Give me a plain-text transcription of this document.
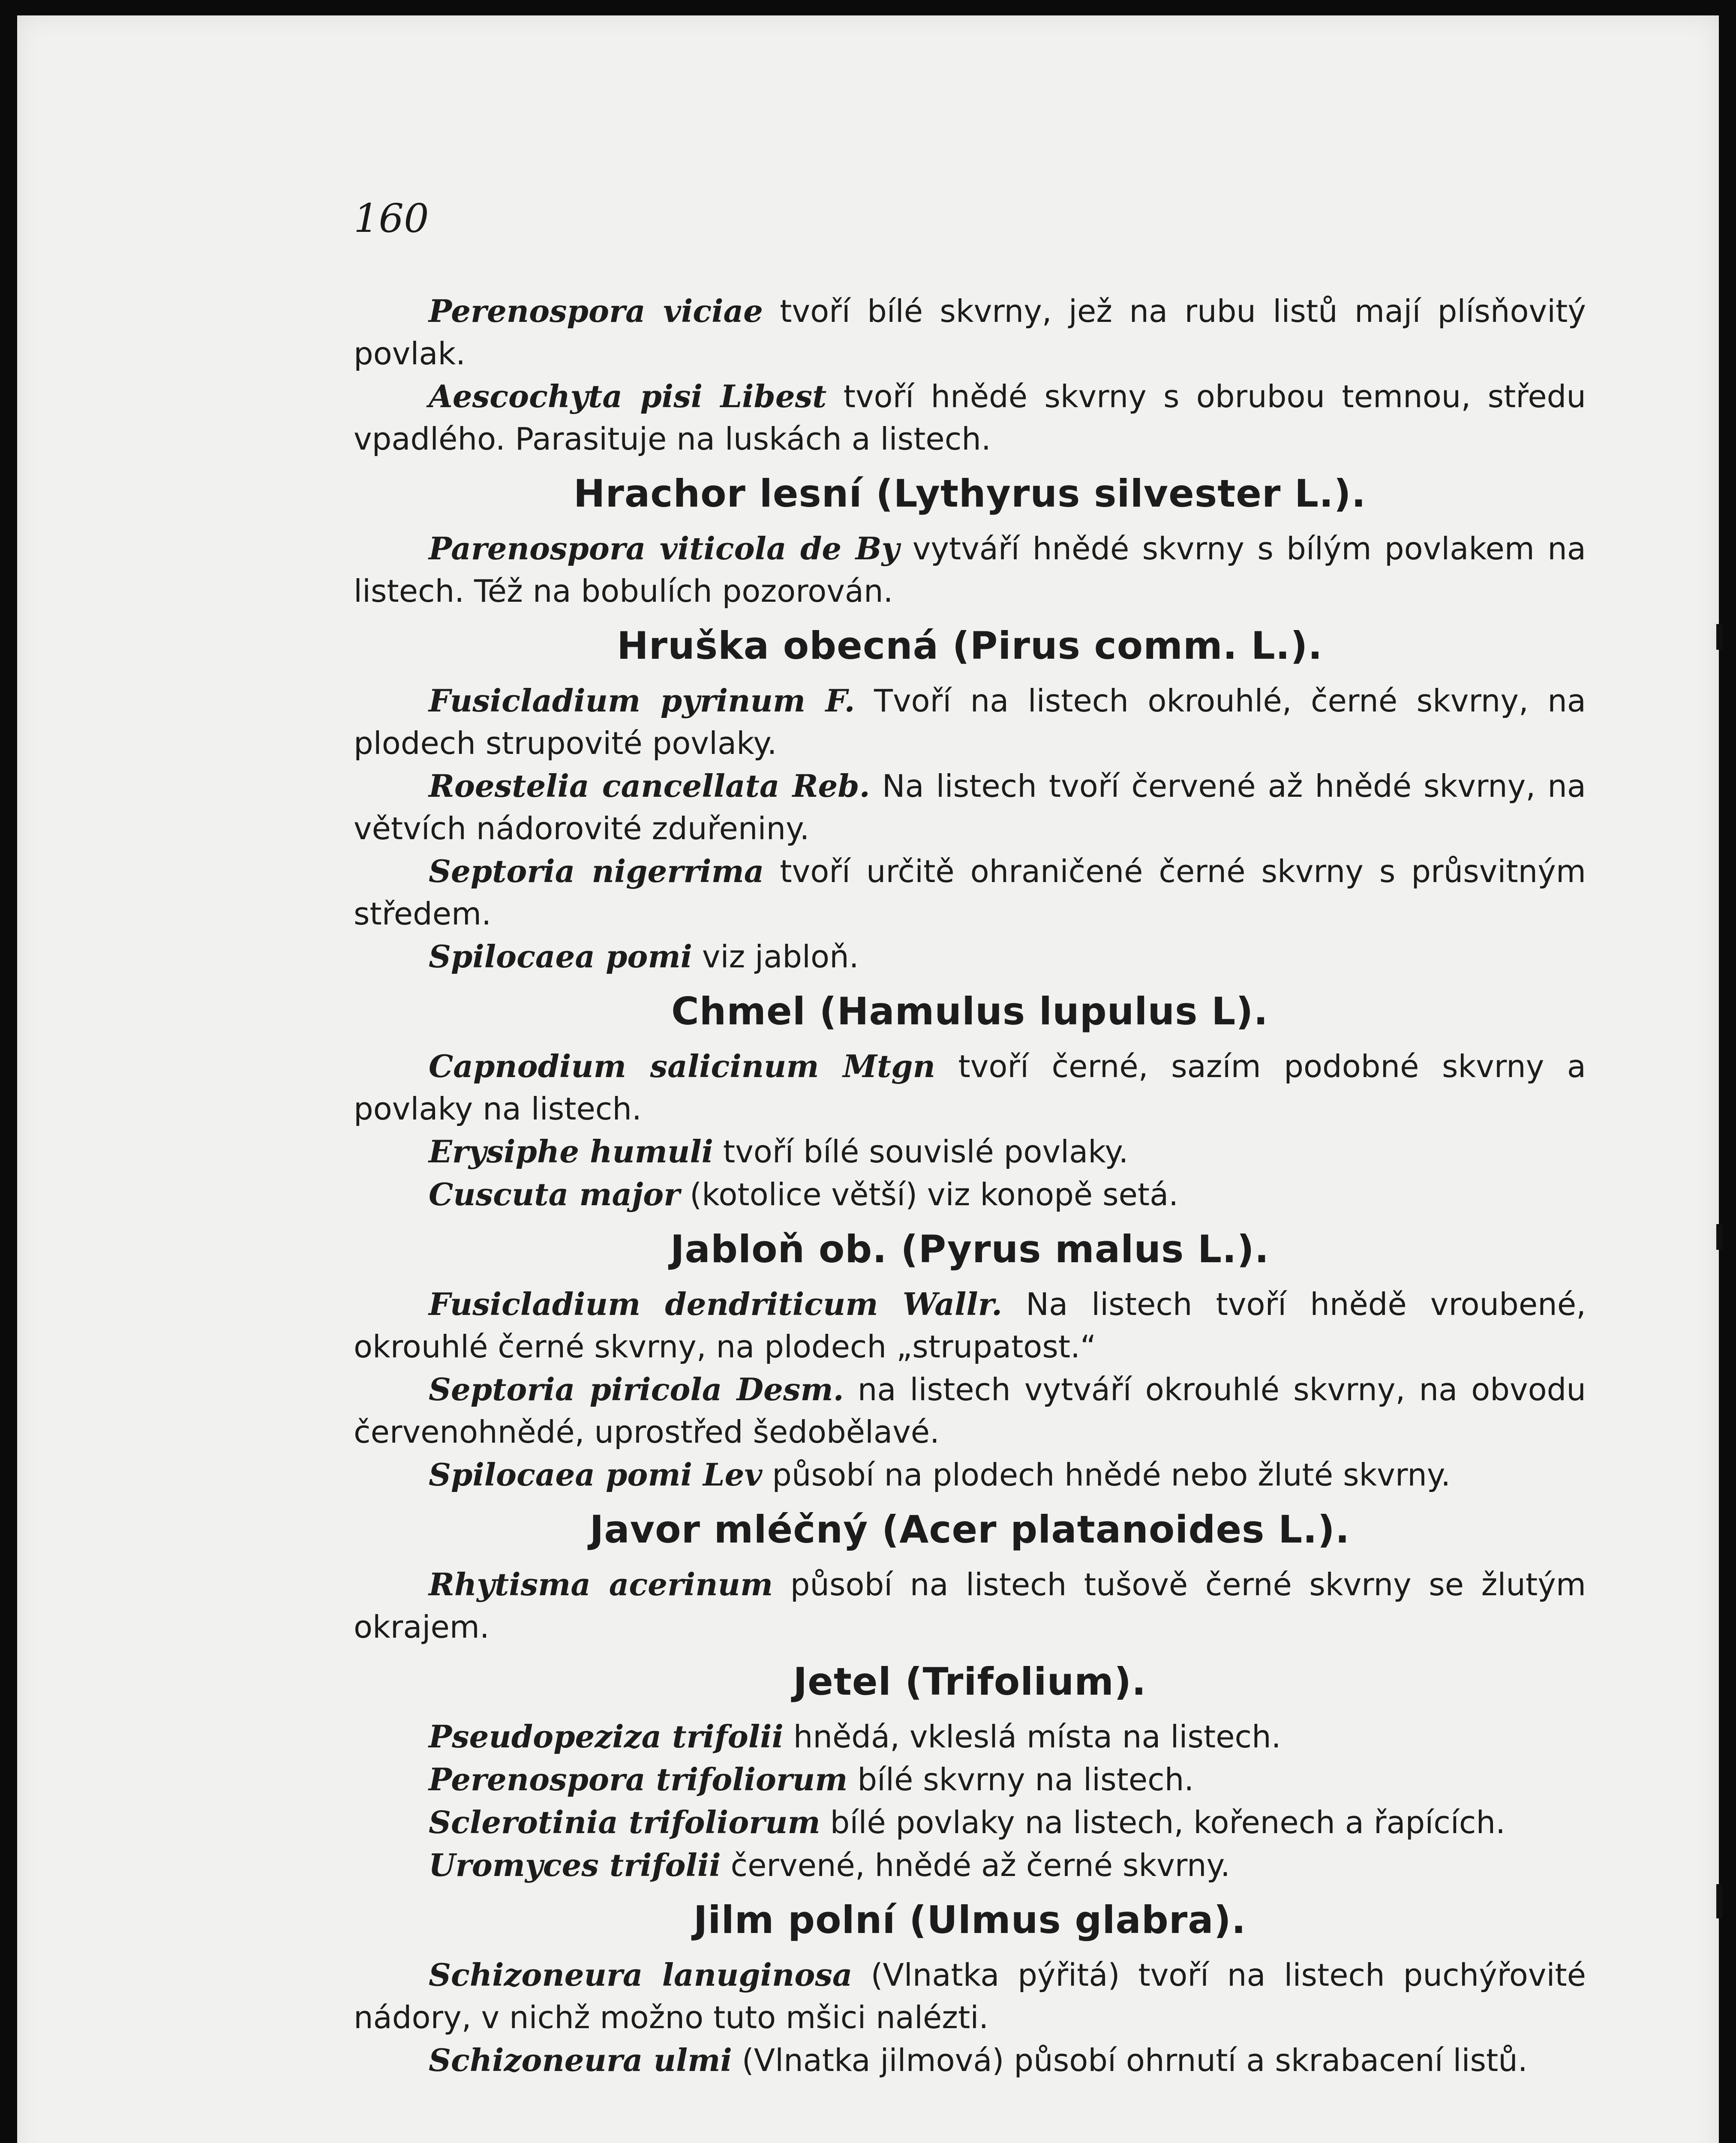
160

Perenospora viciae tvoří bílé skvrny, jež na rubu listů mají plísňovitý povlak.

Aescochyta pisi Libest tvoří hnědé skvrny s obrubou temnou, středu vpadlého. Parasituje na luskách a listech.

Hrachor lesní (Lythyrus silvester L.).

Parenospora viticola de By vytváří hnědé skvrny s bílým povlakem na listech. Též na bobulích pozorován.

Hruška obecná (Pirus comm. L.).

Fusicladium pyrinum F. Tvoří na listech okrouhlé, černé skvrny, na plodech strupovité povlaky.

Roestelia cancellata Reb. Na listech tvoří červené až hnědé skvrny, na větvích nádorovité zduřeniny.

Septoria nigerrima tvoří určitě ohraničené černé skvrny s průsvitným středem.

Spilocaea pomi viz jabloň.

Chmel (Hamulus lupulus L).

Capnodium salicinum Mtgn tvoří černé, sazím podobné skvrny a povlaky na listech.

Erysiphe humuli tvoří bílé souvislé povlaky.

Cuscuta major (kotolice větší) viz konopě setá.

Jabloň ob. (Pyrus malus L.).

Fusicladium dendriticum Wallr. Na listech tvoří hnědě vroubené, okrouhlé černé skvrny, na plodech „strupatost.“

Septoria piricola Desm. na listech vytváří okrouhlé skvrny, na obvodu červenohnědé, uprostřed šedobělavé.

Spilocaea pomi Lev působí na plodech hnědé nebo žluté skvrny.

Javor mléčný (Acer platanoides L.).

Rhytisma acerinum působí na listech tušově černé skvrny se žlutým okrajem.

Jetel (Trifolium).

Pseudopeziza trifolii hnědá, vkleslá místa na listech.

Perenospora trifoliorum bílé skvrny na listech.

Sclerotinia trifoliorum bílé povlaky na listech, kořenech a řapících.

Uromyces trifolii červené, hnědé až černé skvrny.

Jilm polní (Ulmus glabra).

Schizoneura lanuginosa (Vlnatka pýřitá) tvoří na listech puchýřovité nádory, v nichž možno tuto mšici nalézti.

Schizoneura ulmi (Vlnatka jilmová) působí ohrnutí a skrabacení listů.
